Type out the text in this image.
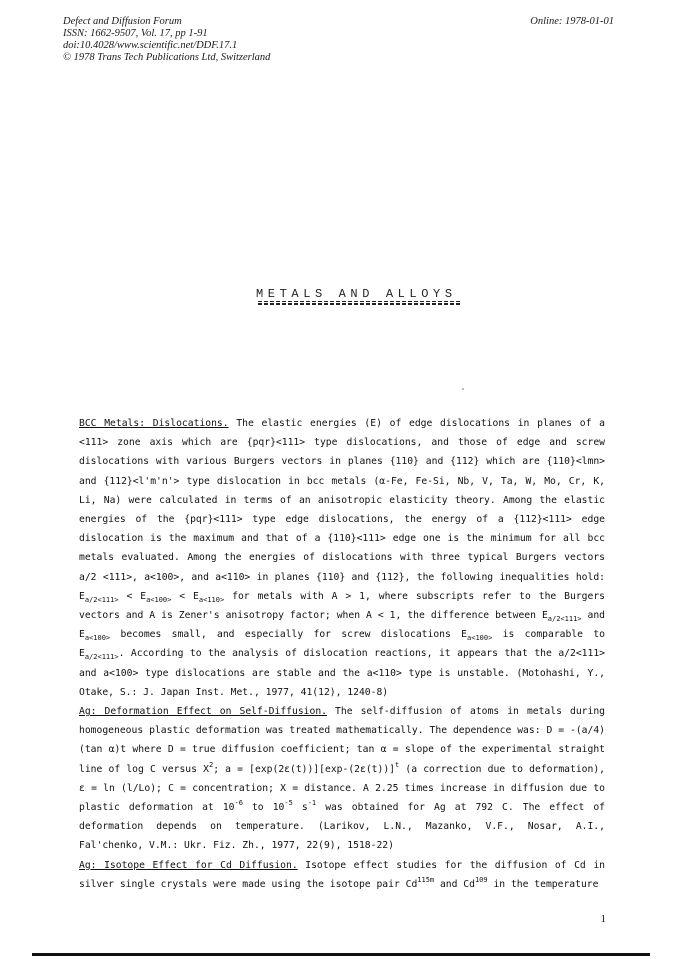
Defect and Diffusion Forum
ISSN: 1662-9507, Vol. 17, pp 1-91
doi:10.4028/www.scientific.net/DDF.17.1
© 1978 Trans Tech Publications Ltd, Switzerland
Online: 1978-01-01
METALS AND ALLOYS
BCC Metals: Dislocations. The elastic energies (E) of edge dislocations in planes of a <111> zone axis which are {pqr}<111> type dislocations, and those of edge and screw dislocations with various Burgers vectors in planes {110} and {112} which are {110}<lmn> and {112}<l'm'n'> type dislocation in bcc metals (α-Fe, Fe-Si, Nb, V, Ta, W, Mo, Cr, K, Li, Na) were calculated in terms of an anisotropic elasticity theory. Among the elastic energies of the {pqr}<111> type edge dislocations, the energy of a {112}<111> edge dislocation is the maximum and that of a {110}<111> edge one is the minimum for all bcc metals evaluated. Among the energies of dislocations with three typical Burgers vectors a/2 <111>, a<100>, and a<110> in planes {110} and {112}, the following inequalities hold: $E_{a/2<111>} < E_{a<100>} < E_{a<110>}$ for metals with A > 1, where subscripts refer to the Burgers vectors and A is Zener's anisotropy factor; when A < 1, the difference between $E_{a/2<111>}$ and $E_{a<100>}$ becomes small, and especially for screw dislocations $E_{a<100>}$ is comparable to $E_{a/2<111>}$. According to the analysis of dislocation reactions, it appears that the a/2<111> and a<100> type dislocations are stable and the a<110> type is unstable. (Motohashi, Y., Otake, S.: J. Japan Inst. Met., 1977, 41(12), 1240-8)
Ag: Deformation Effect on Self-Diffusion. The self-diffusion of atoms in metals during homogeneous plastic deformation was treated mathematically. The dependence was: D = -(a/4)(tan α)t where D = true diffusion coefficient; tan α = slope of the experimental straight line of log C versus $X^2$; $a = [\exp(2\varepsilon(t))][\exp-(2\varepsilon(t))]^t$ (a correction due to deformation), ε = ln (l/Lo); C = concentration; X = distance. A 2.25 times increase in diffusion due to plastic deformation at $10^{-6}$ to $10^{-5}$ $s^{-1}$ was obtained for Ag at 792 C. The effect of deformation depends on temperature. (Larikov, L.N., Mazanko, V.F., Nosar, A.I., Fal'chenko, V.M.: Ukr. Fiz. Zh., 1977, 22(9), 1518-22)
Ag: Isotope Effect for Cd Diffusion. Isotope effect studies for the diffusion of Cd in silver single crystals were made using the isotope pair $Cd^{115m}$ and Cd$^{109}$ in the temperature
1
